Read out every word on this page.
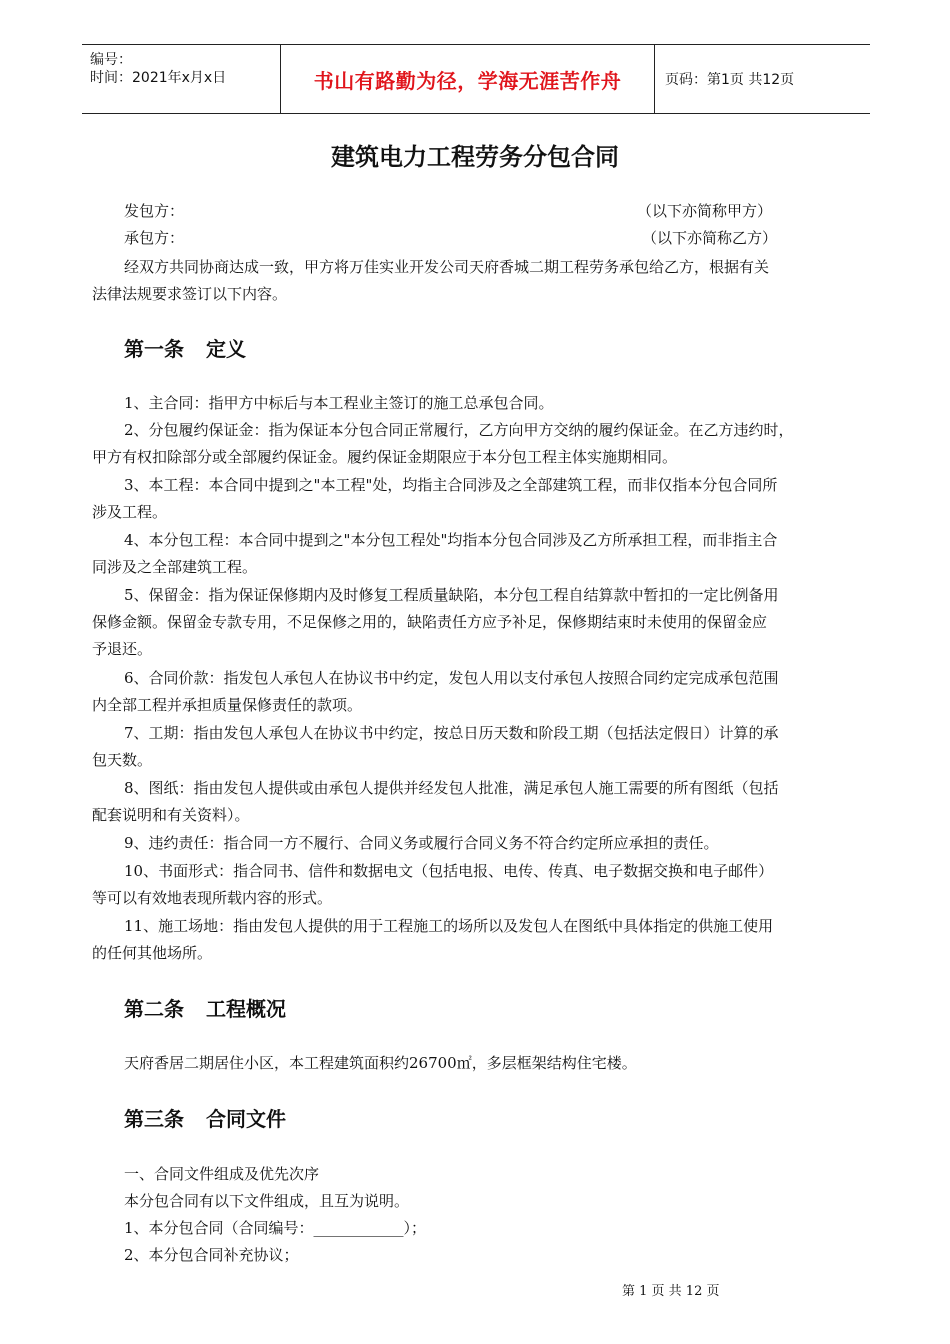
编号：
时间：2021年x月x日	书山有路勤为径，学海无涯苦作舟	页码：第1页 共12页
建筑电力工程劳务分包合同
发包方：	（以下亦简称甲方）
承包方：	（以下亦简称乙方）
经双方共同协商达成一致，甲方将万佳实业开发公司天府香城二期工程劳务承包给乙方，根据有关
法律法规要求签订以下内容。
第一条 定义
1、主合同：指甲方中标后与本工程业主签订的施工总承包合同。
2、分包履约保证金：指为保证本分包合同正常履行，乙方向甲方交纳的履约保证金。在乙方违约时，
甲方有权扣除部分或全部履约保证金。履约保证金期限应于本分包工程主体实施期相同。
3、本工程：本合同中提到之"本工程"处，均指主合同涉及之全部建筑工程，而非仅指本分包合同所
涉及工程。
4、本分包工程：本合同中提到之"本分包工程处"均指本分包合同涉及乙方所承担工程，而非指主合
同涉及之全部建筑工程。
5、保留金：指为保证保修期内及时修复工程质量缺陷，本分包工程自结算款中暂扣的一定比例备用
保修金额。保留金专款专用，不足保修之用的，缺陷责任方应予补足，保修期结束时未使用的保留金应
予退还。
6、合同价款：指发包人承包人在协议书中约定，发包人用以支付承包人按照合同约定完成承包范围
内全部工程并承担质量保修责任的款项。
7、工期：指由发包人承包人在协议书中约定，按总日历天数和阶段工期（包括法定假日）计算的承
包天数。
8、图纸：指由发包人提供或由承包人提供并经发包人批准，满足承包人施工需要的所有图纸（包括
配套说明和有关资料）。
9、违约责任：指合同一方不履行、合同义务或履行合同义务不符合约定所应承担的责任。
10、书面形式：指合同书、信件和数据电文（包括电报、电传、传真、电子数据交换和电子邮件）
等可以有效地表现所载内容的形式。
11、施工场地：指由发包人提供的用于工程施工的场所以及发包人在图纸中具体指定的供施工使用
的任何其他场所。
第二条 工程概况
天府香居二期居住小区，本工程建筑面积约26700㎡，多层框架结构住宅楼。
第三条 合同文件
一、合同文件组成及优先次序
本分包合同有以下文件组成，且互为说明。
1、本分包合同（合同编号：____________）；
2、本分包合同补充协议；
第 1 页 共 12 页
